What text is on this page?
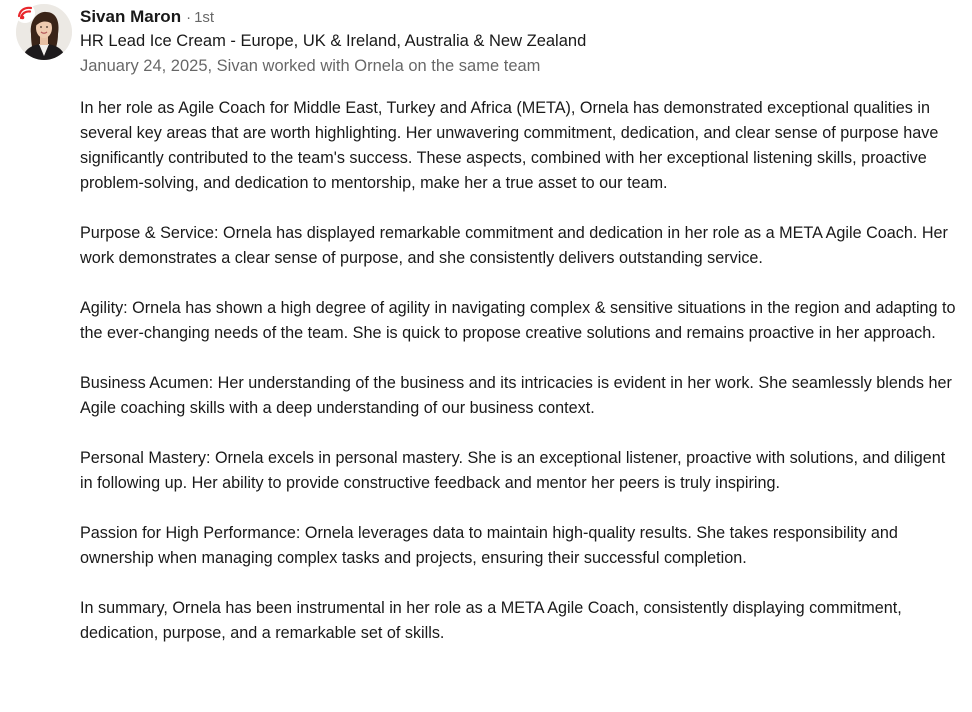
Sivan Maron · 1st
HR Lead Ice Cream - Europe, UK & Ireland, Australia & New Zealand
January 24, 2025, Sivan worked with Ornela on the same team

In her role as Agile Coach for Middle East, Turkey and Africa (META), Ornela has demonstrated exceptional qualities in several key areas that are worth highlighting. Her unwavering commitment, dedication, and clear sense of purpose have significantly contributed to the team's success. These aspects, combined with her exceptional listening skills, proactive problem-solving, and dedication to mentorship, make her a true asset to our team.

Purpose & Service: Ornela has displayed remarkable commitment and dedication in her role as a META Agile Coach. Her work demonstrates a clear sense of purpose, and she consistently delivers outstanding service.

Agility: Ornela has shown a high degree of agility in navigating complex & sensitive situations in the region and adapting to the ever-changing needs of the team. She is quick to propose creative solutions and remains proactive in her approach.

Business Acumen: Her understanding of the business and its intricacies is evident in her work. She seamlessly blends her Agile coaching skills with a deep understanding of our business context.

Personal Mastery: Ornela excels in personal mastery. She is an exceptional listener, proactive with solutions, and diligent in following up. Her ability to provide constructive feedback and mentor her peers is truly inspiring.

Passion for High Performance: Ornela leverages data to maintain high-quality results. She takes responsibility and ownership when managing complex tasks and projects, ensuring their successful completion.

In summary, Ornela has been instrumental in her role as a META Agile Coach, consistently displaying commitment, dedication, purpose, and a remarkable set of skills.
